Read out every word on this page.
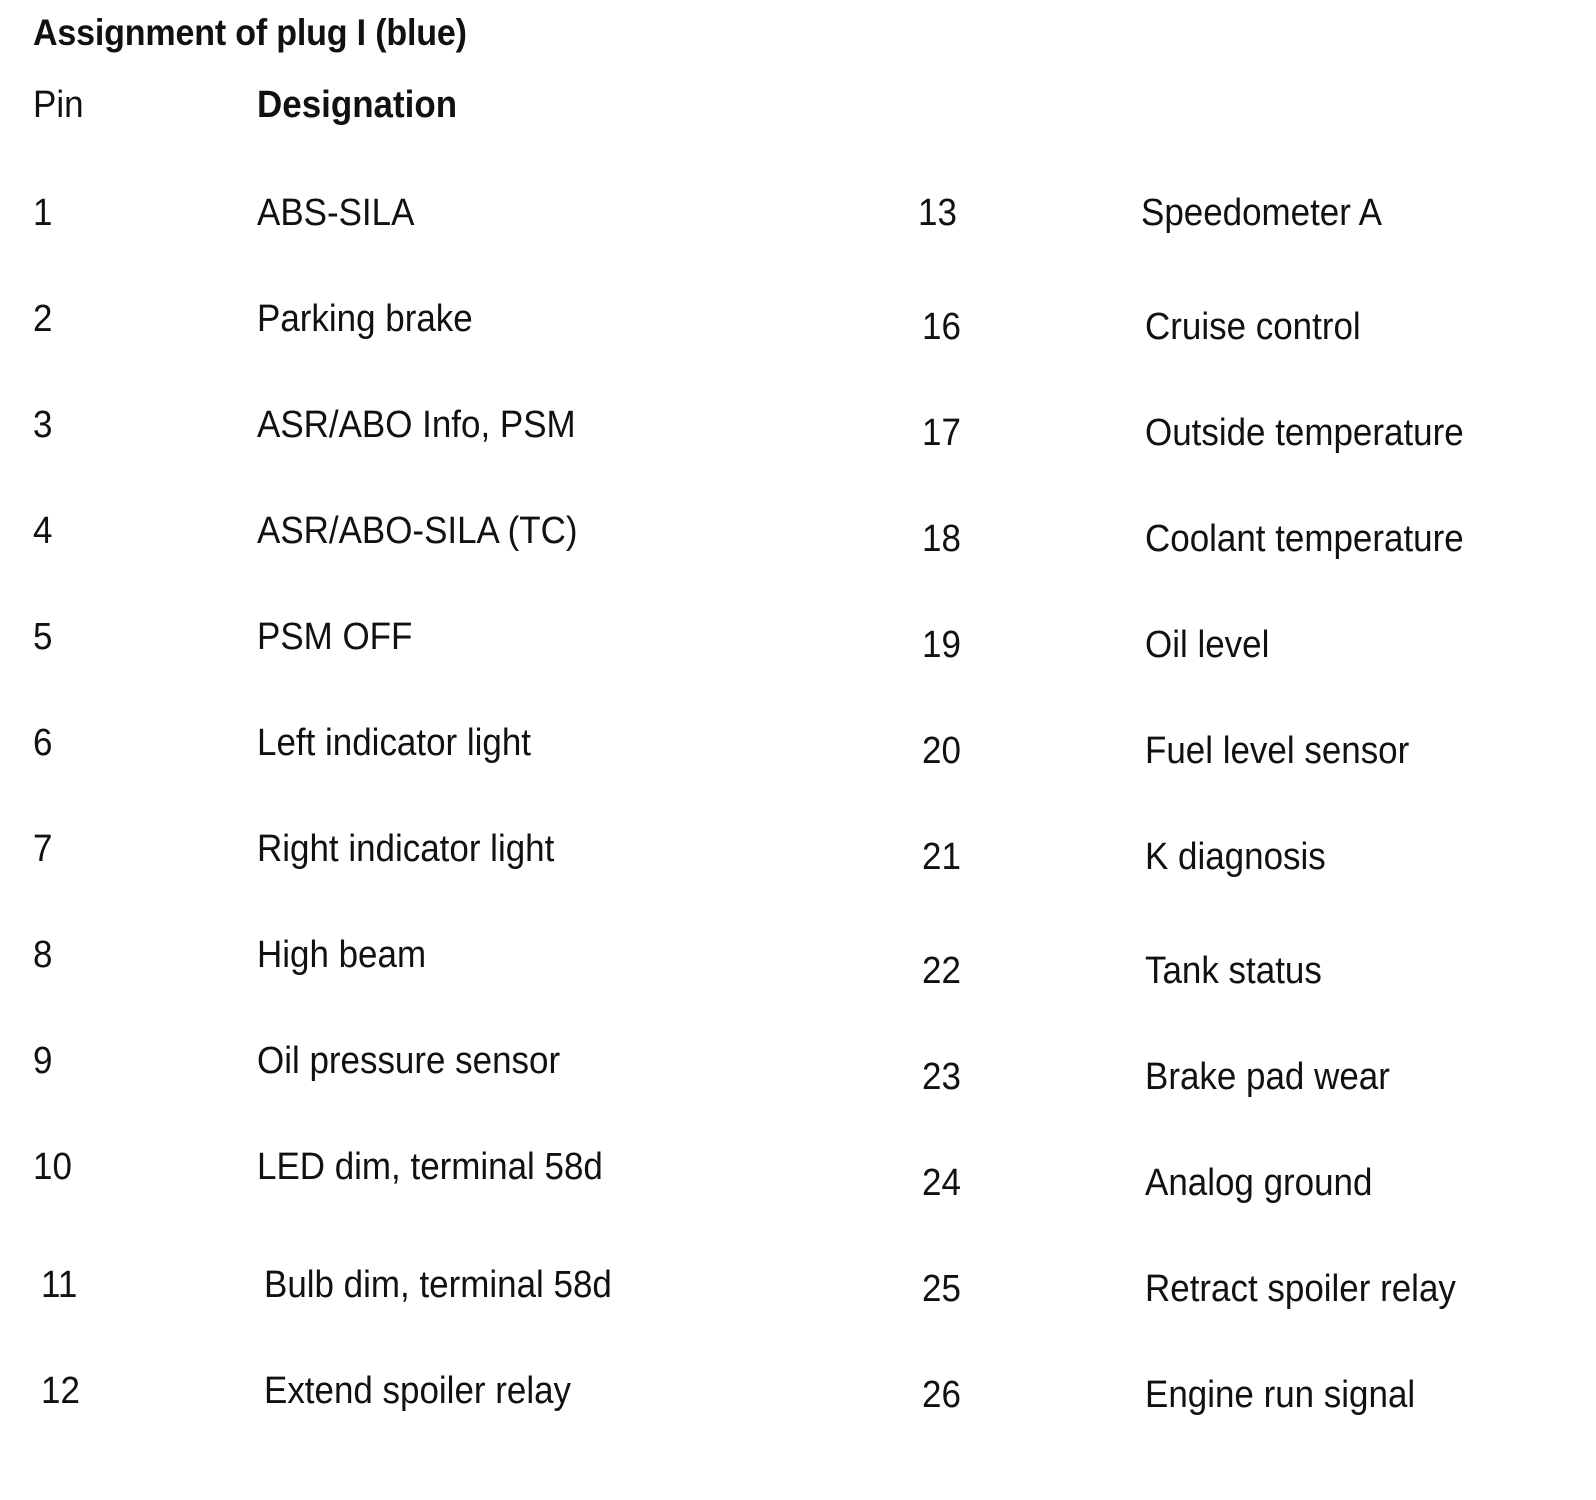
Assignment of plug I (blue)
Pin	Designation
1	ABS-SILA
2	Parking brake
3	ASR/ABO Info, PSM
4	ASR/ABO-SILA (TC)
5	PSM OFF
6	Left indicator light
7	Right indicator light
8	High beam
9	Oil pressure sensor
10	LED dim, terminal 58d
11	Bulb dim, terminal 58d
12	Extend spoiler relay
13	Speedometer A
16	Cruise control
17	Outside temperature
18	Coolant temperature
19	Oil level
20	Fuel level sensor
21	K diagnosis
22	Tank status
23	Brake pad wear
24	Analog ground
25	Retract spoiler relay
26	Engine run signal
